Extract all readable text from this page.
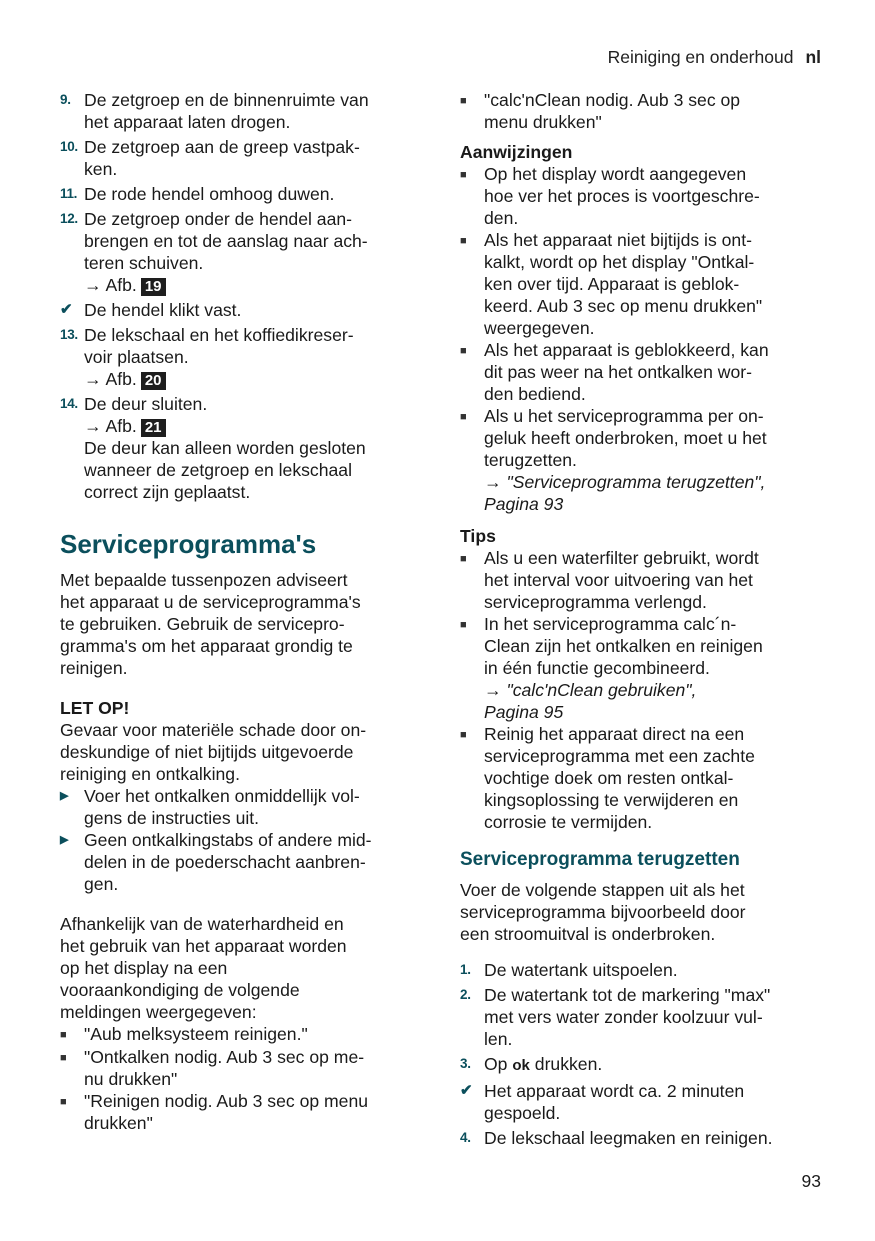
Reiniging en onderhoud nl
9. De zetgroep en de binnenruimte van
het apparaat laten drogen.
10. De zetgroep aan de greep vastpak-
ken.
11. De rode hendel omhoog duwen.
12. De zetgroep onder de hendel aan-
brengen en tot de aanslag naar ach-
teren schuiven.
→ Afb. 19
✔ De hendel klikt vast.
13. De lekschaal en het koffiedikreser-
voir plaatsen.
→ Afb. 20
14. De deur sluiten.
→ Afb. 21
De deur kan alleen worden gesloten
wanneer de zetgroep en lekschaal
correct zijn geplaatst.
Serviceprogramma's
Met bepaalde tussenpozen adviseert
het apparaat u de serviceprogramma's
te gebruiken. Gebruik de servicepro-
gramma's om het apparaat grondig te
reinigen.
LET OP!
Gevaar voor materiële schade door on-
deskundige of niet bijtijds uitgevoerde
reiniging en ontkalking.
▶ Voer het ontkalken onmiddellijk vol-
gens de instructies uit.
▶ Geen ontkalkingstabs of andere mid-
delen in de poederschacht aanbren-
gen.
Afhankelijk van de waterhardheid en
het gebruik van het apparaat worden
op het display na een
vooraankondiging de volgende
meldingen weergegeven:
■ "Aub melksysteem reinigen."
■ "Ontkalken nodig. Aub 3 sec op me-
nu drukken"
■ "Reinigen nodig. Aub 3 sec op menu
drukken"
■ "calc'nClean nodig. Aub 3 sec op
menu drukken"
Aanwijzingen
■ Op het display wordt aangegeven
hoe ver het proces is voortgeschre-
den.
■ Als het apparaat niet bijtijds is ont-
kalkt, wordt op het display "Ontkal-
ken over tijd. Apparaat is geblok-
keerd. Aub 3 sec op menu drukken"
weergegeven.
■ Als het apparaat is geblokkeerd, kan
dit pas weer na het ontkalken wor-
den bediend.
■ Als u het serviceprogramma per on-
geluk heeft onderbroken, moet u het
terugzetten.
→ "Serviceprogramma terugzetten",
Pagina 93
Tips
■ Als u een waterfilter gebruikt, wordt
het interval voor uitvoering van het
serviceprogramma verlengd.
■ In het serviceprogramma calc´n-
Clean zijn het ontkalken en reinigen
in één functie gecombineerd.
→ "calc'nClean gebruiken",
Pagina 95
■ Reinig het apparaat direct na een
serviceprogramma met een zachte
vochtige doek om resten ontkal-
kingsoplossing te verwijderen en
corrosie te vermijden.
Serviceprogramma terugzetten
Voer de volgende stappen uit als het
serviceprogramma bijvoorbeeld door
een stroomuitval is onderbroken.
1. De watertank uitspoelen.
2. De watertank tot de markering "max"
met vers water zonder koolzuur vul-
len.
3. Op ok drukken.
✔ Het apparaat wordt ca. 2 minuten
gespoeld.
4. De lekschaal leegmaken en reinigen.
93
